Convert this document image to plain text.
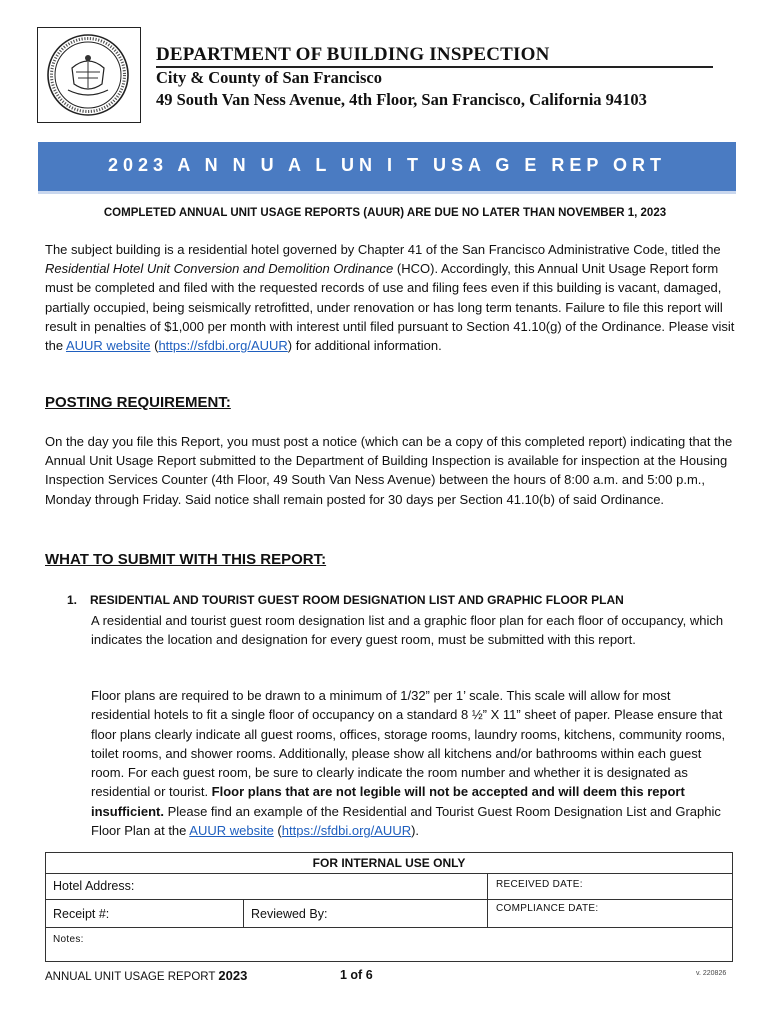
DEPARTMENT OF BUILDING INSPECTION
City & County of San Francisco
49 South Van Ness Avenue, 4th Floor, San Francisco, California 94103
2023 A N N U A L UN I T USA G E REP ORT
COMPLETED ANNUAL UNIT USAGE REPORTS (AUUR) ARE DUE NO LATER THAN NOVEMBER 1, 2023
The subject building is a residential hotel governed by Chapter 41 of the San Francisco Administrative Code, titled the Residential Hotel Unit Conversion and Demolition Ordinance (HCO). Accordingly, this Annual Unit Usage Report form must be completed and filed with the requested records of use and filing fees even if this building is vacant, damaged, partially occupied, being seismically retrofitted, under renovation or has long term tenants. Failure to file this report will result in penalties of $1,000 per month with interest until filed pursuant to Section 41.10(g) of the Ordinance. Please visit the AUUR website (https://sfdbi.org/AUUR) for additional information.
POSTING REQUIREMENT:
On the day you file this Report, you must post a notice (which can be a copy of this completed report) indicating that the Annual Unit Usage Report submitted to the Department of Building Inspection is available for inspection at the Housing Inspection Services Counter (4th Floor, 49 South Van Ness Avenue) between the hours of 8:00 a.m. and 5:00 p.m., Monday through Friday. Said notice shall remain posted for 30 days per Section 41.10(b) of said Ordinance.
WHAT TO SUBMIT WITH THIS REPORT:
1. RESIDENTIAL AND TOURIST GUEST ROOM DESIGNATION LIST AND GRAPHIC FLOOR PLAN
A residential and tourist guest room designation list and a graphic floor plan for each floor of occupancy, which indicates the location and designation for every guest room, must be submitted with this report.
Floor plans are required to be drawn to a minimum of 1/32” per 1’ scale. This scale will allow for most residential hotels to fit a single floor of occupancy on a standard 8 ½” X 11” sheet of paper. Please ensure that floor plans clearly indicate all guest rooms, offices, storage rooms, laundry rooms, kitchens, community rooms, toilet rooms, and shower rooms. Additionally, please show all kitchens and/or bathrooms within each guest room. For each guest room, be sure to clearly indicate the room number and whether it is designated as residential or tourist. Floor plans that are not legible will not be accepted and will deem this report insufficient. Please find an example of the Residential and Tourist Guest Room Designation List and Graphic Floor Plan at the AUUR website (https://sfdbi.org/AUUR).
FOR INTERNAL USE ONLY
Hotel Address:	RECEIVED DATE:
Receipt #:	Reviewed By:	COMPLIANCE DATE:
Notes:
ANNUAL UNIT USAGE REPORT 2023	1 of 6	v. 220826
